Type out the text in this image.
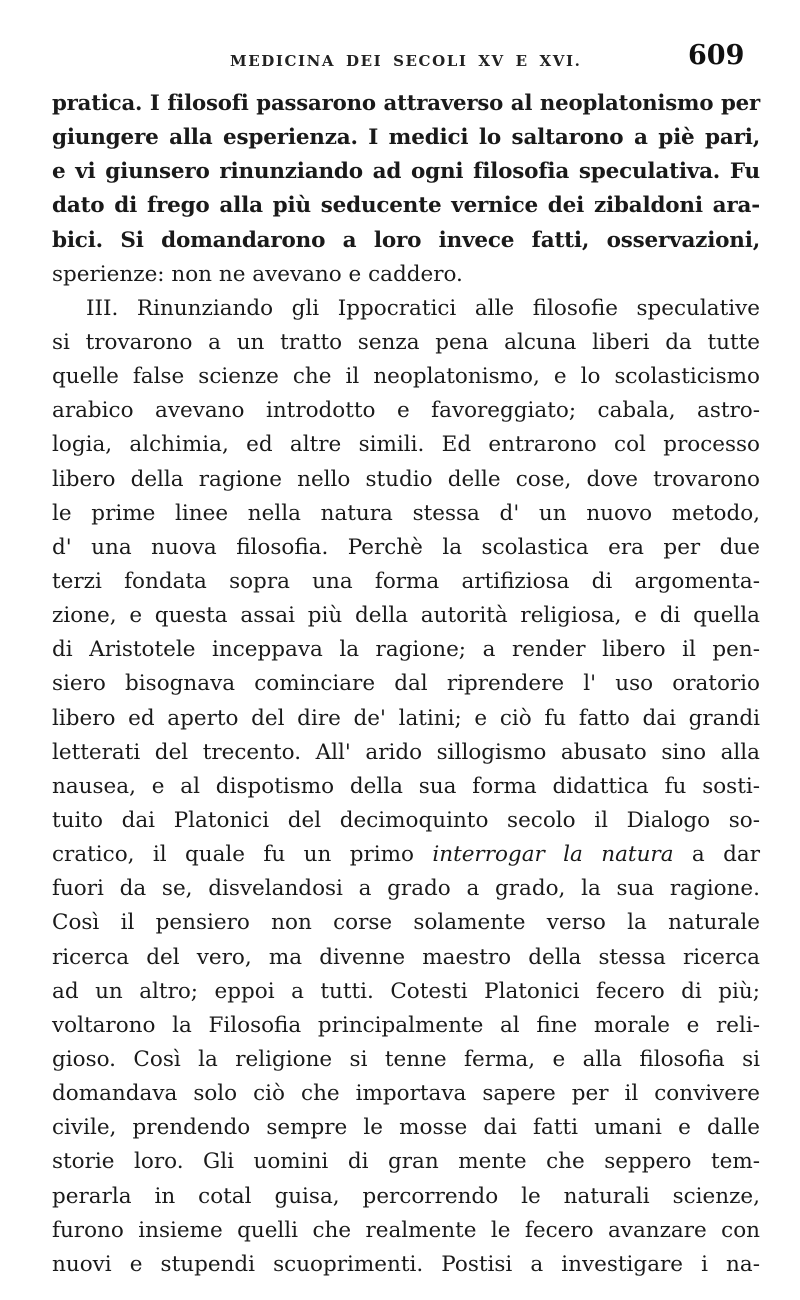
MEDICINA DEI SECOLI XV E XVI.	609
pratica. I filosofi passarono attraverso al neoplatonismo per
giungere alla esperienza. I medici lo saltarono a piè pari,
e vi giunsero rinunziando ad ogni filosofia speculativa. Fu
dato di frego alla più seducente vernice dei zibaldoni ara-
bici. Si domandarono a loro invece fatti, osservazioni,
sperienze: non ne avevano e caddero.
III. Rinunziando gli Ippocratici alle filosofie speculative
si trovarono a un tratto senza pena alcuna liberi da tutte
quelle false scienze che il neoplatonismo, e lo scolasticismo
arabico avevano introdotto e favoreggiato; cabala, astro-
logia, alchimia, ed altre simili. Ed entrarono col processo
libero della ragione nello studio delle cose, dove trovarono
le prime linee nella natura stessa d' un nuovo metodo,
d' una nuova filosofia. Perchè la scolastica era per due
terzi fondata sopra una forma artifiziosa di argomenta-
zione, e questa assai più della autorità religiosa, e di quella
di Aristotele inceppava la ragione; a render libero il pen-
siero bisognava cominciare dal riprendere l' uso oratorio
libero ed aperto del dire de' latini; e ciò fu fatto dai grandi
letterati del trecento. All' arido sillogismo abusato sino alla
nausea, e al dispotismo della sua forma didattica fu sosti-
tuito dai Platonici del decimoquinto secolo il Dialogo so-
cratico, il quale fu un primo interrogar la natura a dar
fuori da se, disvelandosi a grado a grado, la sua ragione.
Così il pensiero non corse solamente verso la naturale
ricerca del vero, ma divenne maestro della stessa ricerca
ad un altro; eppoi a tutti. Cotesti Platonici fecero di più;
voltarono la Filosofia principalmente al fine morale e reli-
gioso. Così la religione si tenne ferma, e alla filosofia si
domandava solo ciò che importava sapere per il convivere
civile, prendendo sempre le mosse dai fatti umani e dalle
storie loro. Gli uomini di gran mente che seppero tem-
perarla in cotal guisa, percorrendo le naturali scienze,
furono insieme quelli che realmente le fecero avanzare con
nuovi e stupendi scuoprimenti. Postisi a investigare i na-
